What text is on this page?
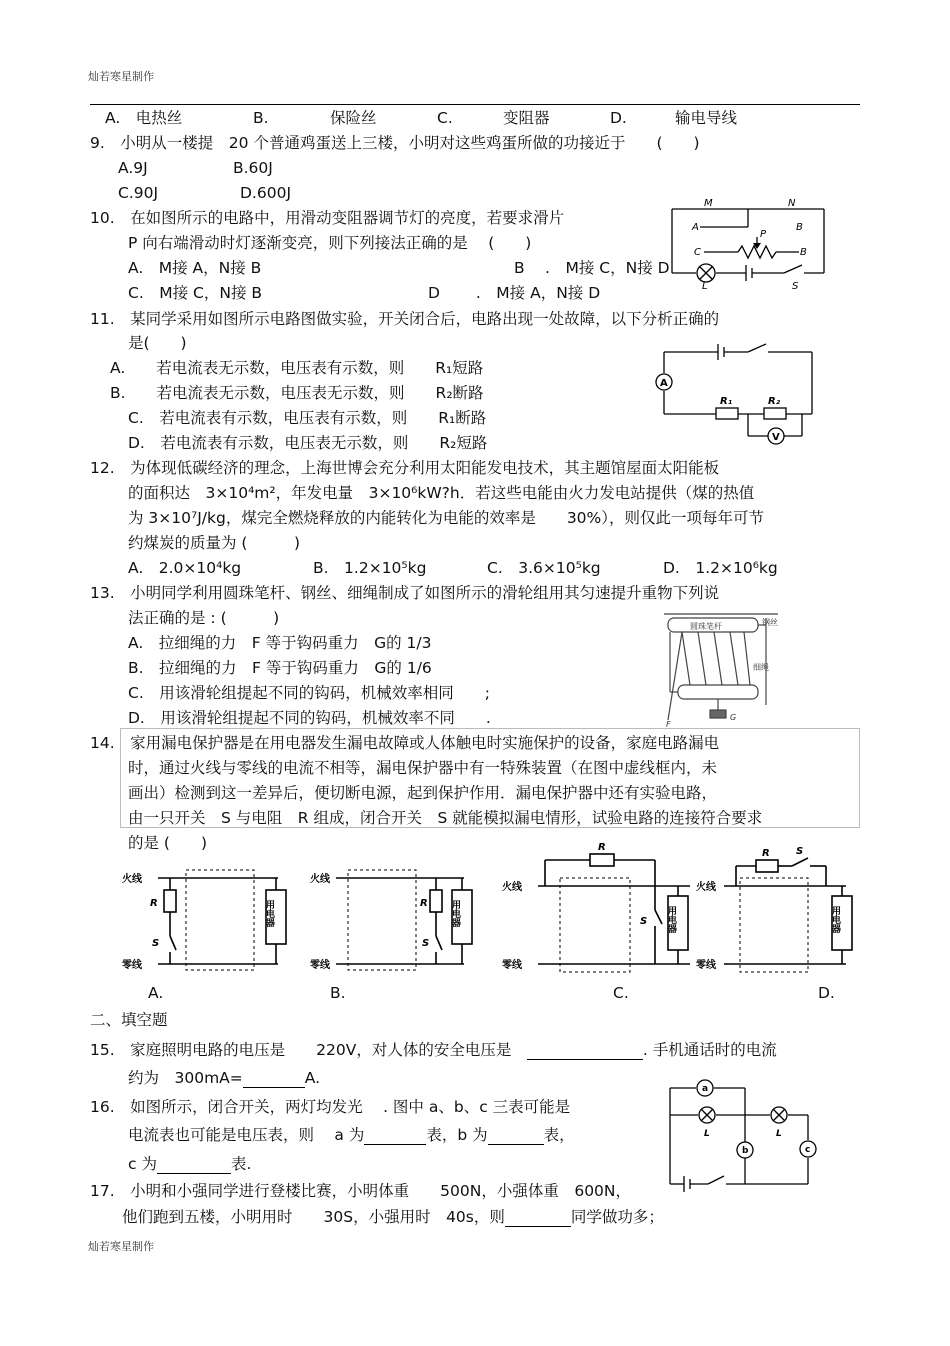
灿若寒星制作
A.　电热丝	B.	保险丝	C.	变阻器	D.	输电导线
9.　小明从一楼提　20 个普通鸡蛋送上三楼，小明对这些鸡蛋所做的功接近于　　(　　)
A.9J	B.60J
C.90J	D.600J
10.　在如图所示的电路中，用滑动变阻器调节灯的亮度，若要求滑片
P 向右端滑动时灯逐渐变亮，则下列接法正确的是　 (　　)
A.　M接 A，N接 B	B　 .　M接 C，N接 D
C.　M接 C，N接 B	D　　 .　M接 A，N接 D
M	N
A	B
C
P
L	S
B
11.　某同学采用如图所示电路图做实验，开关闭合后，电路出现一处故障，以下分析正确的
是(　　)
A.　　若电流表无示数，电压表有示数，则　　R₁短路
B.　　若电流表无示数，电压表无示数，则　　R₂断路
C.　若电流表有示数，电压表有示数，则　　R₁断路
D.　若电流表有示数，电压表无示数，则　　R₂短路
A
V
R₁	R₂
12.　为体现低碳经济的理念，上海世博会充分利用太阳能发电技术，其主题馆屋面太阳能板
的面积达　3×10⁴m²，年发电量　3×10⁶kW?h．若这些电能由火力发电站提供（煤的热值
为 3×10⁷J/kg，煤完全燃烧释放的内能转化为电能的效率是　　30%），则仅此一项每年可节
约煤炭的质量为 (　　　)
A.　2.0×10⁴kg	B.　1.2×10⁵kg	C.　3.6×10⁵kg	D.　1.2×10⁶kg
13.　小明同学利用圆珠笔杆、钢丝、细绳制成了如图所示的滑轮组用其匀速提升重物下列说
法正确的是 : (　　　)
A.　拉细绳的力　F 等于钩码重力　G的 1/3
B.　拉细绳的力　F 等于钩码重力　G的 1/6
C.　用该滑轮组提起不同的钩码，机械效率相同　　;
D.　用该滑轮组提起不同的钩码，机械效率不同　　.
圆珠笔杆	钢丝
细绳
F
G
14.　家用漏电保护器是在用电器发生漏电故障或人体触电时实施保护的设备，家庭电路漏电
时，通过火线与零线的电流不相等，漏电保护器中有一特殊装置（在图中虚线框内，未
画出）检测到这一差异后，便切断电源，起到保护作用．漏电保护器中还有实验电路，
由一只开关　S 与电阻　R 组成，闭合开关　S 就能模拟漏电情形，试验电路的连接符合要求
的是 (　　)
火线
零线
R
S
用电器
火线
零线
R
S
用电器
火线
零线
R
S 用电器
火线
零线
R	S
用电器
A.	B.	C.	D.
二、填空题
15.　家庭照明电路的电压是　　220V，对人体的安全电压是　	. 手机通话时的电流
约为　300mA=	A.
16.　如图所示，闭合开关，两灯均发光　 . 图中 a、b、c 三表可能是
电流表也可能是电压表，则　 a 为	表，b 为	表，
c 为	表.
a
b	c
L	L
17.　小明和小强同学进行登楼比赛，小明体重　　500N，小强体重　600N，
他们跑到五楼，小明用时　　30S，小强用时　40s，则	同学做功多；
灿若寒星制作
